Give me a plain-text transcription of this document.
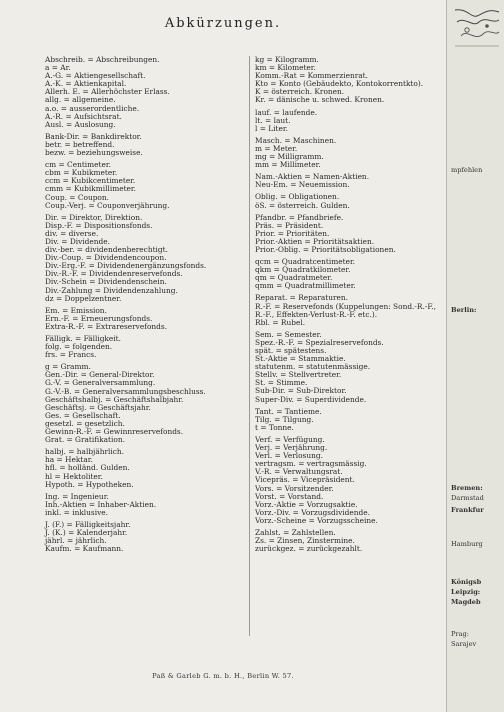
Abkürzungen.
Abschreib. = Abschreibungen.
a = Ar.
A.-G. = Aktiengesellschaft.
A.-K. = Aktienkapital.
Allerh. E. = Allerhöchster Erlass.
allg. = allgemeine.
a.o. = ausserordentliche.
A.-R. = Aufsichtsrat.
Ausl. = Auslosung.
Bank-Dir. = Bankdirektor.
betr. = betreffend.
bezw. = beziehungsweise.
cm = Centimeter.
cbm = Kubikmeter.
ccm = Kubikcentimeter.
cmm = Kubikmillimeter.
Coup. = Coupon.
Coup.-Verj. = Couponverjährung.
Dir. = Direktor, Direktion.
Disp.-F. = Dispositionsfonds.
div. = diverse.
Div. = Dividende.
div.-ber. = dividendenberechtigt.
Div.-Coup. = Dividendencoupon.
Div.-Erg.-F. = Dividendenergänzungsfonds.
Div.-R.-F. = Dividendenreservefonds.
Div.-Schein = Dividendenschein.
Div.-Zahlung = Dividendenzahlung.
dz = Doppelzentner.
Em. = Emission.
Ern.-F. = Erneuerungsfonds.
Extra-R.-F. = Extrareservefonds.
Fälligk. = Fälligkeit.
folg. = folgenden.
frs. = Francs.
g = Gramm.
Gen.-Dir. = General-Direktor.
G.-V. = Generalversammlung.
G.-V.-B. = Generalversammlungsbeschluss.
Geschäftshalbj. = Geschäftshalbjahr.
Geschäftsj. = Geschäftsjahr.
Ges. = Gesellschaft.
gesetzl. = gesetzlich.
Gewinn-R.-F. = Gewinnreservefonds.
Grat. = Gratifikation.
halbj. = halbjährlich.
ha = Hektar.
hfl. = holländ. Gulden.
hl = Hektoliter.
Hypoth. = Hypotheken.
Ing. = Ingenieur.
Inh.-Aktien = Inhaber-Aktien.
inkl. = inklusive.
J. (F.) = Fälligkeitsjahr.
J. (K.) = Kalenderjahr.
jährl. = jährlich.
Kaufm. = Kaufmann.
kg = Kilogramm.
km = Kilometer.
Komm.-Rat = Kommerzienrat.
Kto = Konto (Gebäudekto, Kontokorrentkto).
K = österreich. Kronen.
Kr. = dänische u. schwed. Kronen.
lauf. = laufende.
lt. = laut.
l = Liter.
Masch. = Maschinen.
m = Meter.
mg = Milligramm.
mm = Millimeter.
Nam.-Aktien = Namen-Aktien.
Neu-Em. = Neuemission.
Oblig. = Obligationen.
öS. = österreich. Gulden.
Pfandbr. = Pfandbriefe.
Präs. = Präsident.
Prior. = Prioritäten.
Prior.-Aktien = Prioritätsaktien.
Prior.-Oblig. = Prioritätsobligationen.
qcm = Quadratcentimeter.
qkm = Quadratkilometer.
qm = Quadratmeter.
qmm = Quadratmillimeter.
Reparat. = Reparaturen.
R.-F. = Reservefonds (Kuppelungen: Sond.-R.-F.,
R.-F., Effekten-Verlust-R.-F. etc.).
Rbl. = Rubel.
Sem. = Semester.
Spez.-R.-F. = Spezialreservefonds.
spät. = spätestens.
St.-Aktie = Stammaktie.
statutenm. = statutenmässige.
Stellv. = Stellvertreter.
St. = Stimme.
Sub-Dir. = Sub-Direktor.
Super-Div. = Superdividende.
Tant. = Tantieme.
Tilg. = Tilgung.
t = Tonne.
Verf. = Verfügung.
Verj. = Verjährung.
Verl. = Verlosung.
vertragsm. = vertragsmässig.
V.-R. = Verwaltungsrat.
Vicepräs. = Vicepräsident.
Vors. = Vorsitzender.
Vorst. = Vorstand.
Vorz.-Aktie = Vorzugsaktie.
Vorz.-Div. = Vorzugsdividende.
Vorz.-Scheine = Vorzugsscheine.
Zahlst. = Zahlstellen.
Zs. = Zinsen, Zinstermine.
zurückgez. = zurückgezahlt.
Paß & Garleb G. m. b. H., Berlin W. 57.
mpfehlen
Berlin:
Bremen:
Darmstad
Frankfur
Hamburg
Königsb
Leipzig:
Magdeb
Prag:
Sarajev
